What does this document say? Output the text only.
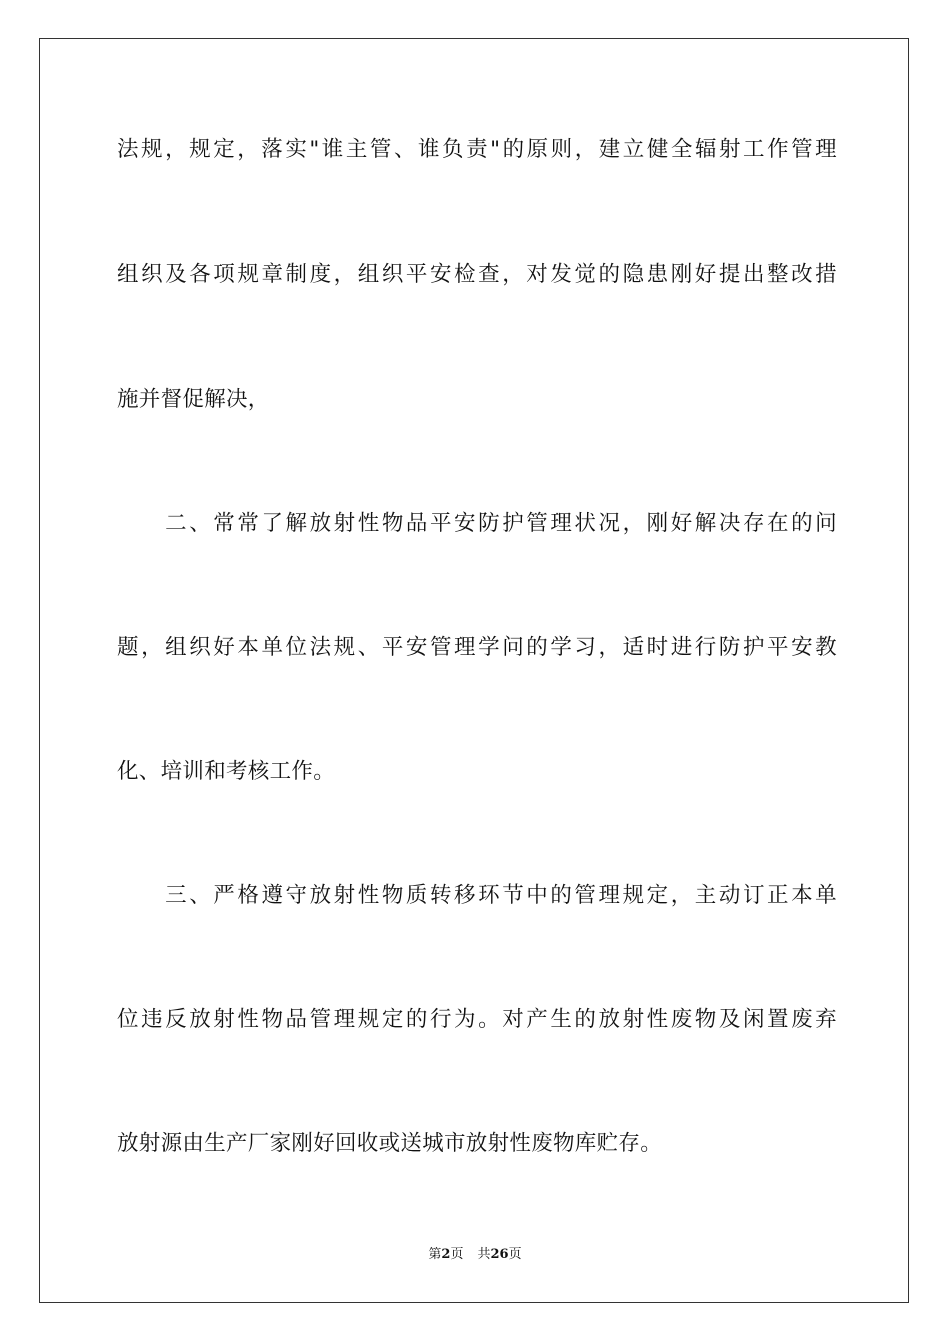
法规，规定，落实"谁主管、谁负责"的原则，建立健全辐射工作管理
组织及各项规章制度，组织平安检查，对发觉的隐患刚好提出整改措
施并督促解决，
　　二、常常了解放射性物品平安防护管理状况，刚好解决存在的问
题，组织好本单位法规、平安管理学问的学习，适时进行防护平安教
化、培训和考核工作。
　　三、严格遵守放射性物质转移环节中的管理规定，主动订正本单
位违反放射性物品管理规定的行为。对产生的放射性废物及闲置废弃
放射源由生产厂家刚好回收或送城市放射性废物库贮存。
第2页 共26页
